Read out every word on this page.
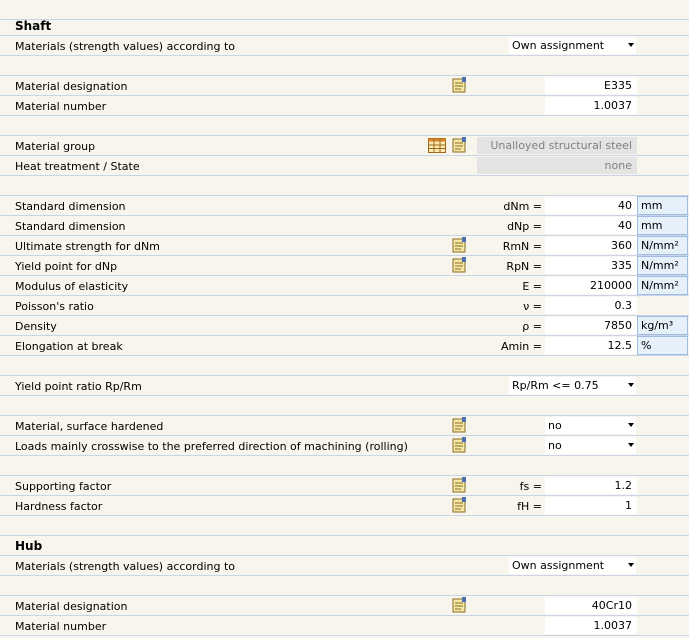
Shaft
Materials (strength values) according to	Own assignment
Material designation	E335
Material number	1.0037
Material group	Unalloyed structural steel
Heat treatment / State	none
Standard dimension	dNm =	40 mm
Standard dimension	dNp =	40 mm
Ultimate strength for dNm	RmN =	360 N/mm²
Yield point for dNp	RpN =	335 N/mm²
Modulus of elasticity	E =	210000 N/mm²
Poisson's ratio	ν =	0.3
Density	ρ =	7850 kg/m³
Elongation at break	Amin =	12.5 %
Yield point ratio Rp/Rm	Rp/Rm <= 0.75
Material, surface hardened	no
Loads mainly crosswise to the preferred direction of machining (rolling)	no
Supporting factor	fs =	1.2
Hardness factor	fH =	1
Hub
Materials (strength values) according to	Own assignment
Material designation	40Cr10
Material number	1.0037
